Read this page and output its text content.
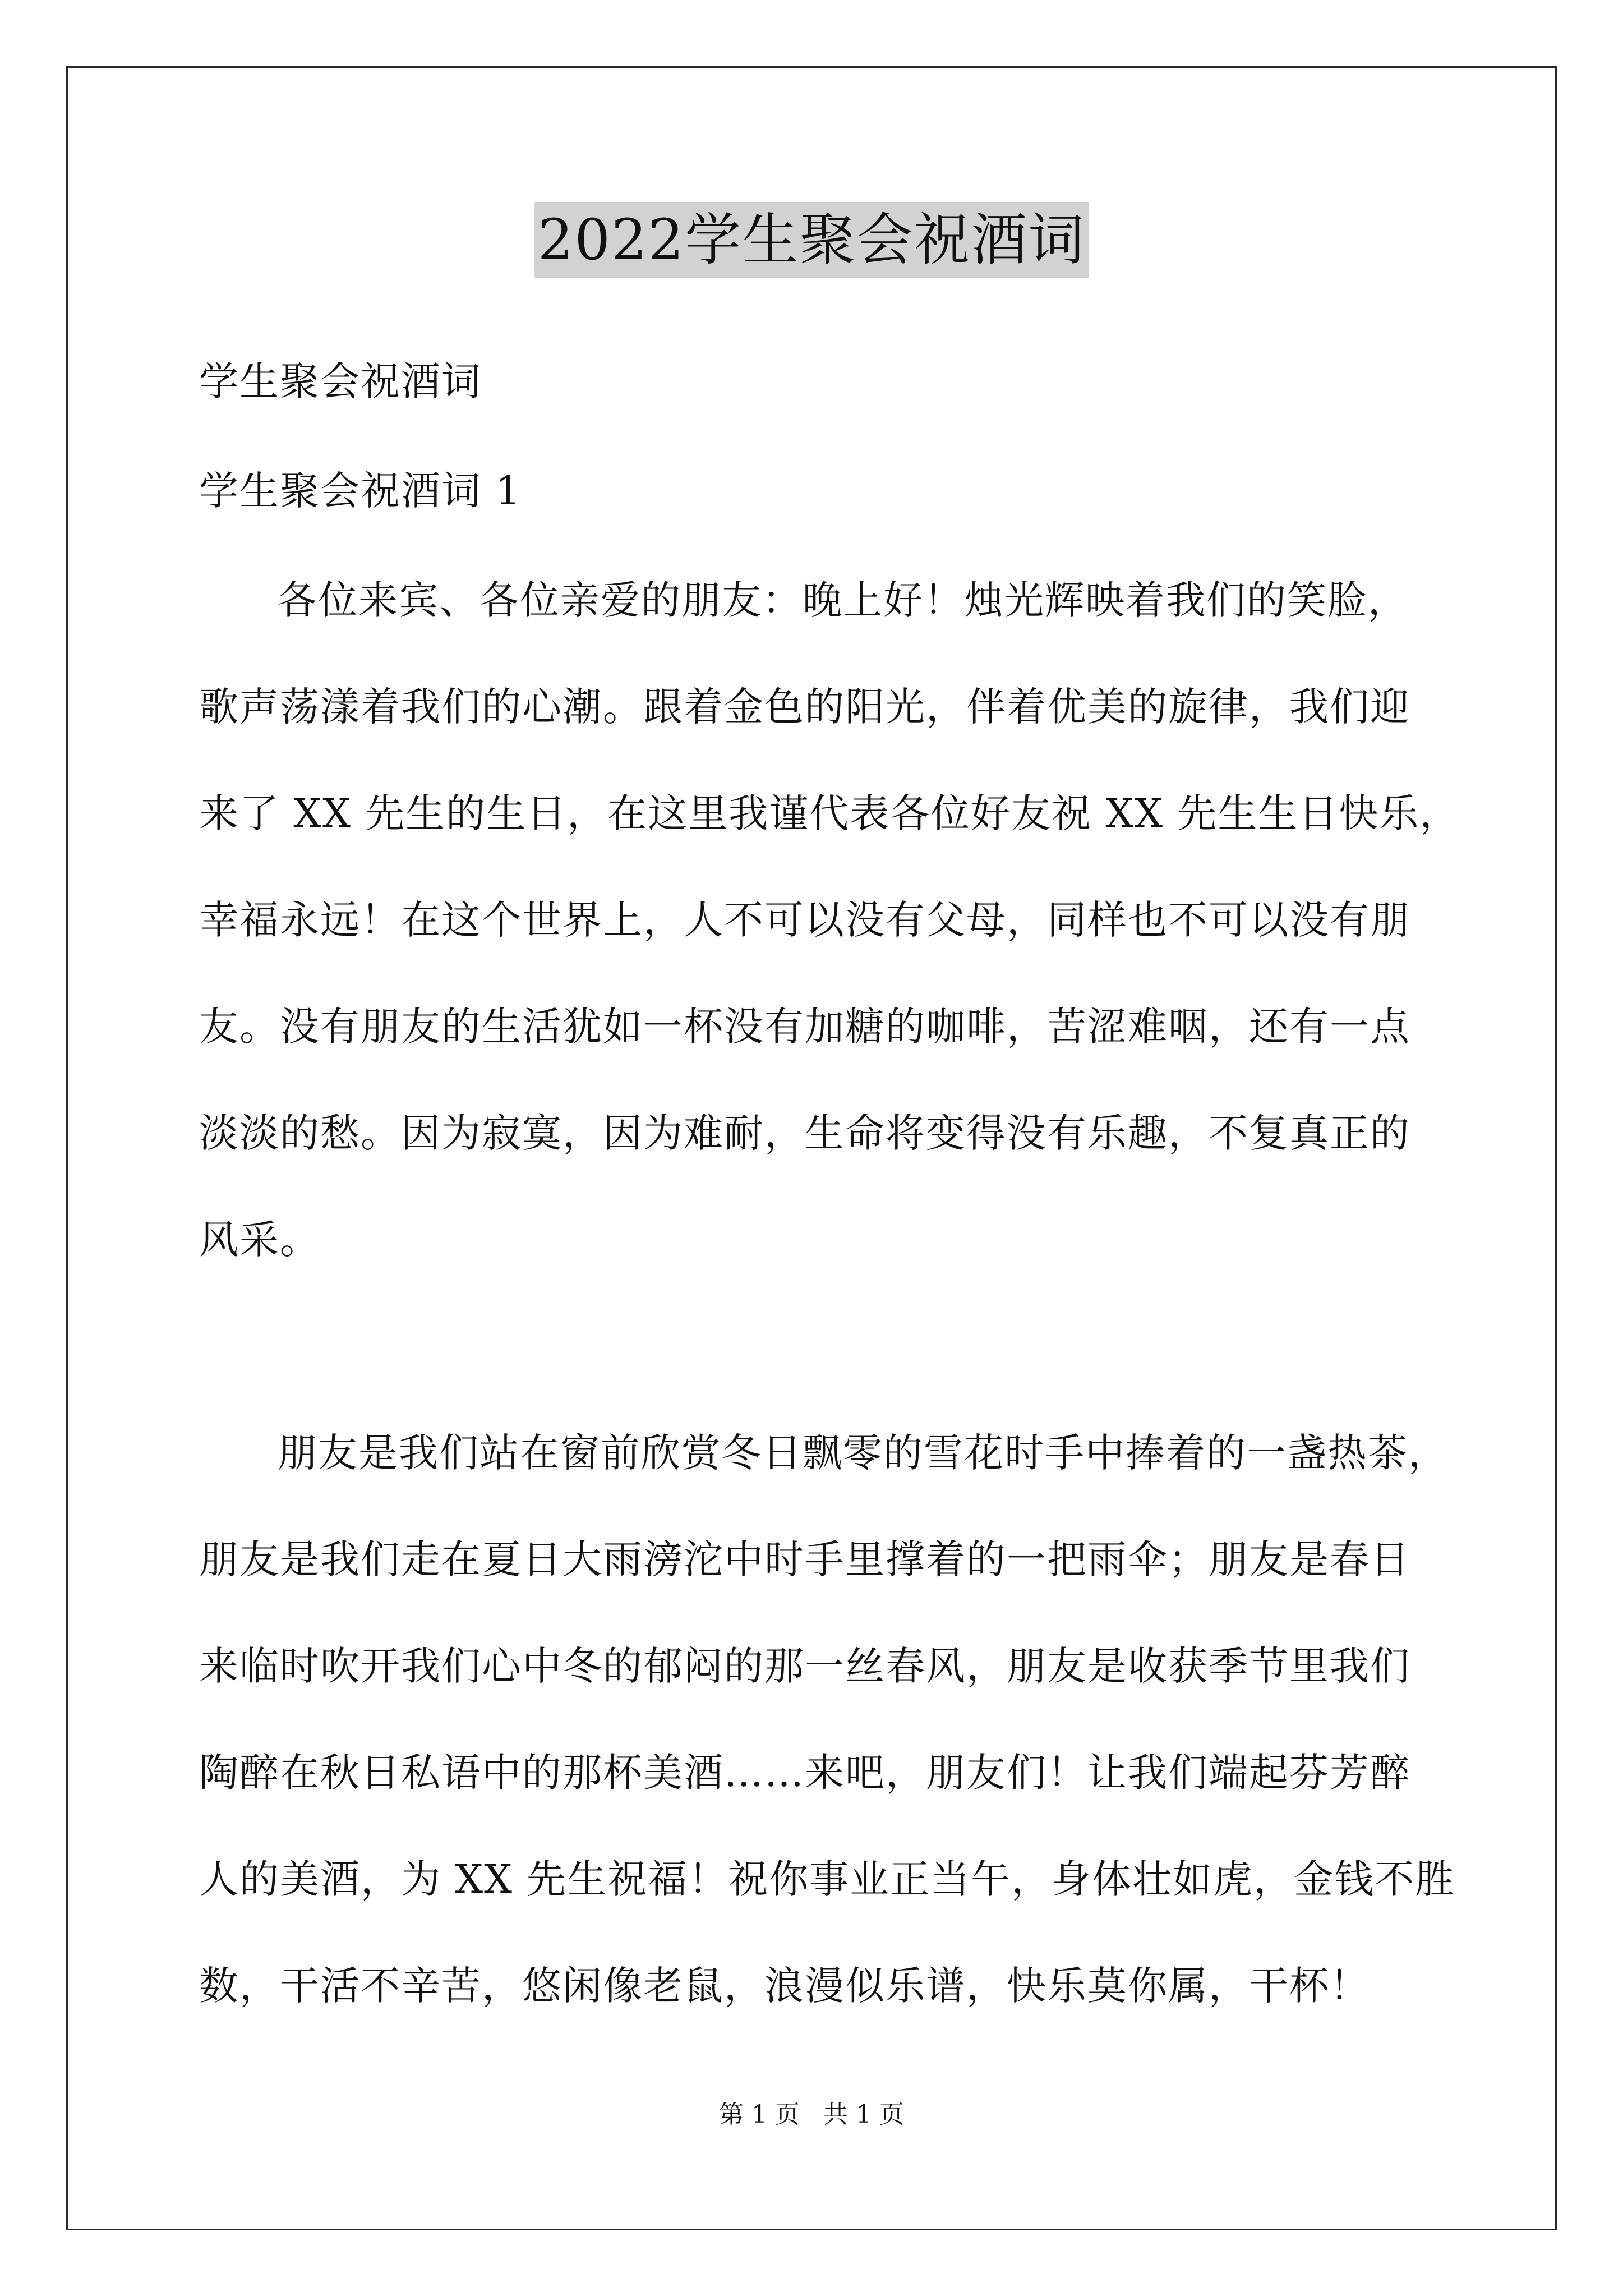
2022学生聚会祝酒词
学生聚会祝酒词
学生聚会祝酒词 1
各位来宾、各位亲爱的朋友：晚上好！烛光辉映着我们的笑脸，
歌声荡漾着我们的心潮。跟着金色的阳光，伴着优美的旋律，我们迎
来了 XX 先生的生日，在这里我谨代表各位好友祝 XX 先生生日快乐，
幸福永远！在这个世界上，人不可以没有父母，同样也不可以没有朋
友。没有朋友的生活犹如一杯没有加糖的咖啡，苦涩难咽，还有一点
淡淡的愁。因为寂寞，因为难耐，生命将变得没有乐趣，不复真正的
风采。
朋友是我们站在窗前欣赏冬日飘零的雪花时手中捧着的一盏热茶，
朋友是我们走在夏日大雨滂沱中时手里撑着的一把雨伞；朋友是春日
来临时吹开我们心中冬的郁闷的那一丝春风，朋友是收获季节里我们
陶醉在秋日私语中的那杯美酒……来吧，朋友们！让我们端起芬芳醉
人的美酒，为 XX 先生祝福！祝你事业正当午，身体壮如虎，金钱不胜
数，干活不辛苦，悠闲像老鼠，浪漫似乐谱，快乐莫你属，干杯！
第 1 页   共 1 页
